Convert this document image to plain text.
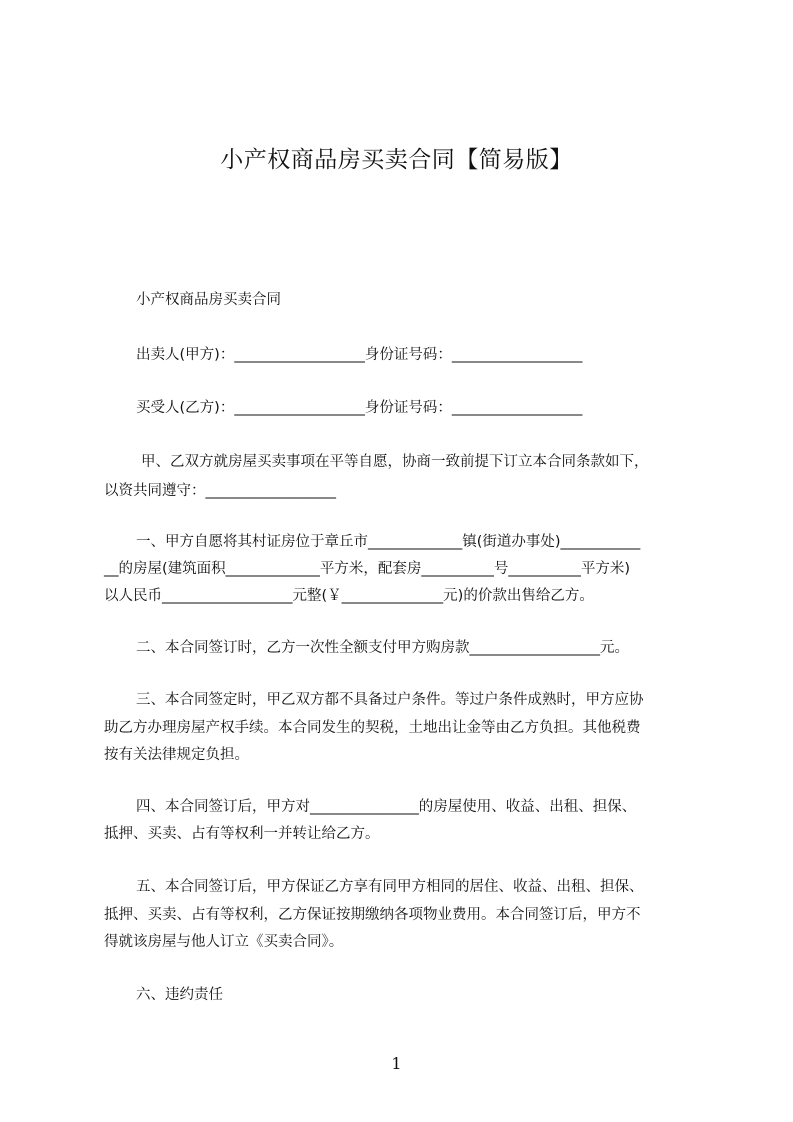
小产权商品房买卖合同【简易版】
小产权商品房买卖合同
出卖人(甲方)：__________________身份证号码：__________________
买受人(乙方)：__________________身份证号码：__________________
甲、乙双方就房屋买卖事项在平等自愿，协商一致前提下订立本合同条款如下，
以资共同遵守：__________________
一、甲方自愿将其村证房位于章丘市_____________镇(街道办事处)___________
__的房屋(建筑面积_____________平方米，配套房__________号__________平方米)
以人民币__________________元整(￥______________元)的价款出售给乙方。
二、本合同签订时，乙方一次性全额支付甲方购房款__________________元。
三、本合同签定时，甲乙双方都不具备过户条件。等过户条件成熟时，甲方应协
助乙方办理房屋产权手续。本合同发生的契税，土地出让金等由乙方负担。其他税费
按有关法律规定负担。
四、本合同签订后，甲方对_______________的房屋使用、收益、出租、担保、
抵押、买卖、占有等权利一并转让给乙方。
五、本合同签订后，甲方保证乙方享有同甲方相同的居住、收益、出租、担保、
抵押、买卖、占有等权利，乙方保证按期缴纳各项物业费用。本合同签订后，甲方不
得就该房屋与他人订立《买卖合同》。
六、违约责任
1
